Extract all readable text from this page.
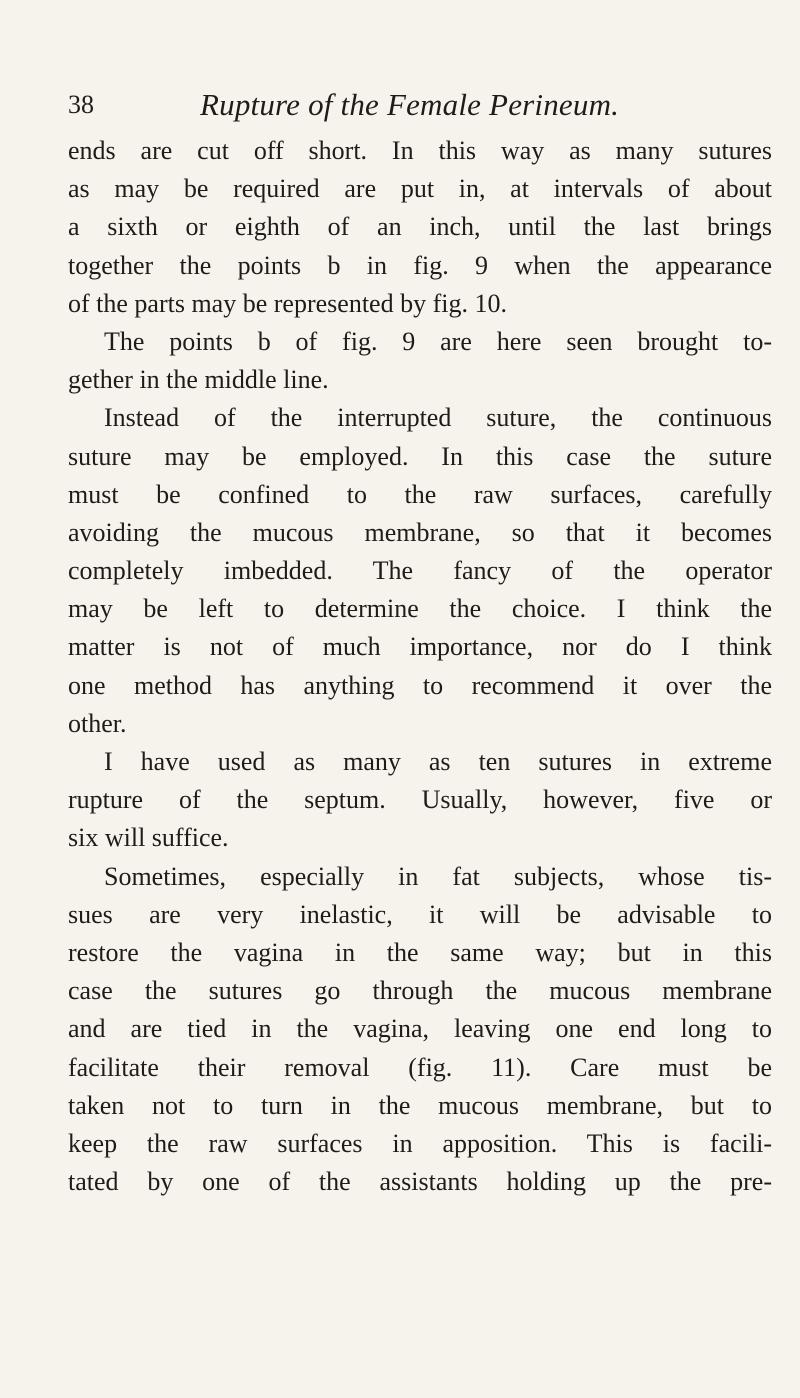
38	Rupture of the Female Perineum.
ends are cut off short. In this way as many sutures
as may be required are put in, at intervals of about
a sixth or eighth of an inch, until the last brings
together the points b in fig. 9 when the appearance
of the parts may be represented by fig. 10.
The points b of fig. 9 are here seen brought to-
gether in the middle line.
Instead of the interrupted suture, the continuous
suture may be employed. In this case the suture
must be confined to the raw surfaces, carefully
avoiding the mucous membrane, so that it becomes
completely imbedded. The fancy of the operator
may be left to determine the choice. I think the
matter is not of much importance, nor do I think
one method has anything to recommend it over the
other.
I have used as many as ten sutures in extreme
rupture of the septum. Usually, however, five or
six will suffice.
Sometimes, especially in fat subjects, whose tis-
sues are very inelastic, it will be advisable to
restore the vagina in the same way; but in this
case the sutures go through the mucous membrane
and are tied in the vagina, leaving one end long to
facilitate their removal (fig. 11). Care must be
taken not to turn in the mucous membrane, but to
keep the raw surfaces in apposition. This is facili-
tated by one of the assistants holding up the pre-
